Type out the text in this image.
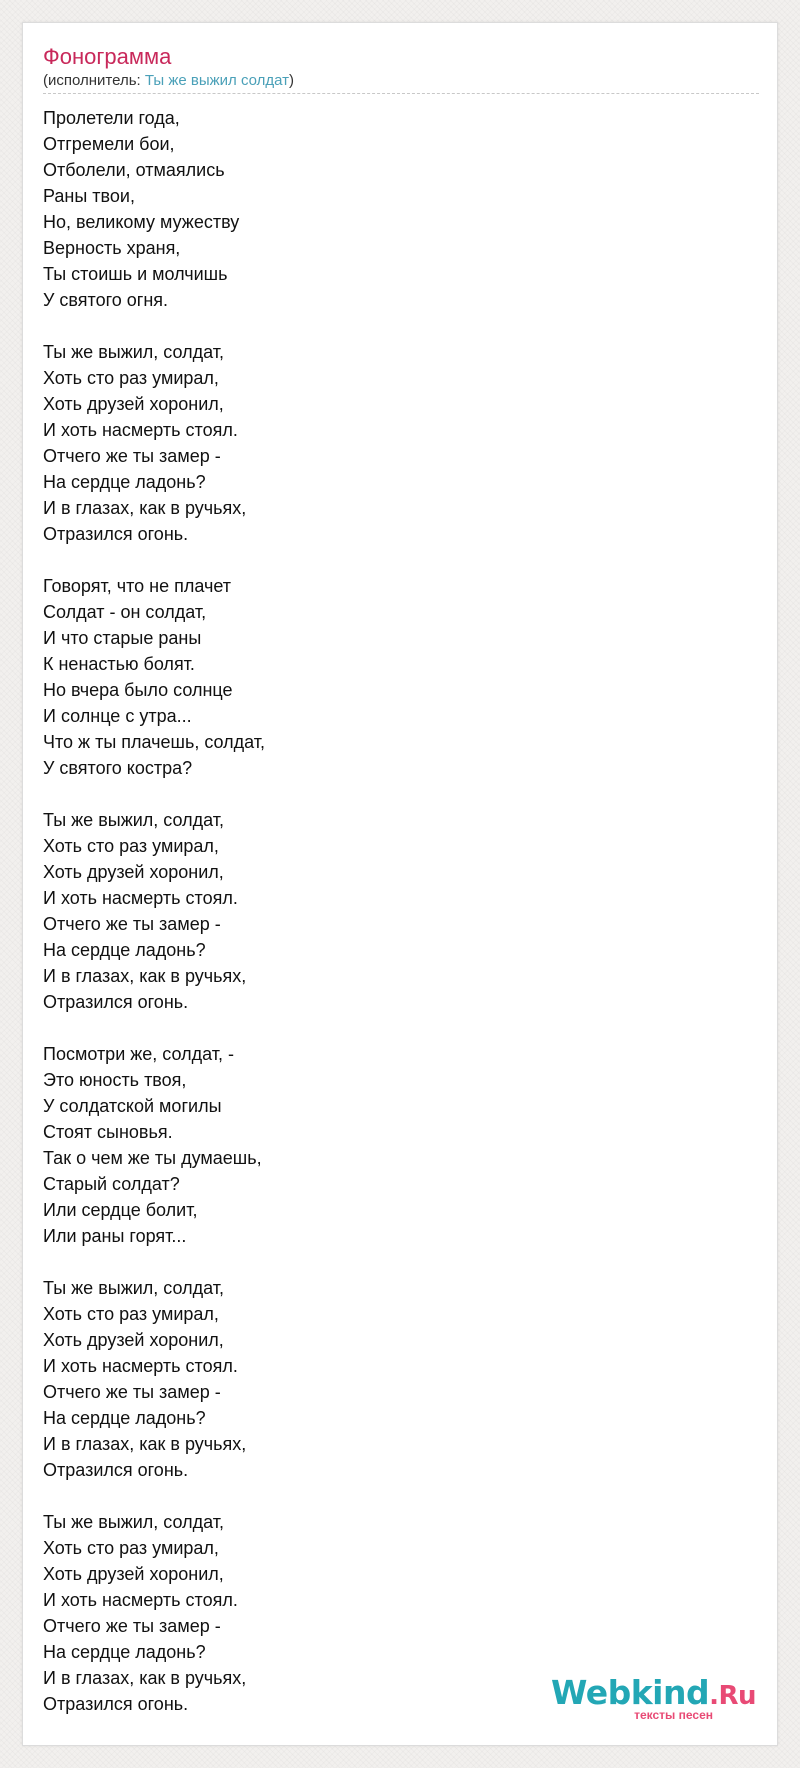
Фонограмма
(исполнитель: Ты же выжил солдат)
Пролетели года,
Отгремели бои,
Отболели, отмаялись
Раны твои,
Но, великому мужеству
Верность храня,
Ты стоишь и молчишь
У святого огня.
Ты же выжил, солдат,
Хоть сто раз умирал,
Хоть друзей хоронил,
И хоть насмерть стоял.
Отчего же ты замер -
На сердце ладонь?
И в глазах, как в ручьях,
Отразился огонь.
Говорят, что не плачет
Солдат - он солдат,
И что старые раны
К ненастью болят.
Но вчера было солнце
И солнце с утра...
Что ж ты плачешь, солдат,
У святого костра?
Ты же выжил, солдат,
Хоть сто раз умирал,
Хоть друзей хоронил,
И хоть насмерть стоял.
Отчего же ты замер -
На сердце ладонь?
И в глазах, как в ручьях,
Отразился огонь.
Посмотри же, солдат, -
Это юность твоя,
У солдатской могилы
Стоят сыновья.
Так о чем же ты думаешь,
Старый солдат?
Или сердце болит,
Или раны горят...
Ты же выжил, солдат,
Хоть сто раз умирал,
Хоть друзей хоронил,
И хоть насмерть стоял.
Отчего же ты замер -
На сердце ладонь?
И в глазах, как в ручьях,
Отразился огонь.
Ты же выжил, солдат,
Хоть сто раз умирал,
Хоть друзей хоронил,
И хоть насмерть стоял.
Отчего же ты замер -
На сердце ладонь?
И в глазах, как в ручьях,
Отразился огонь.	Webkind.Ru
тексты песен
